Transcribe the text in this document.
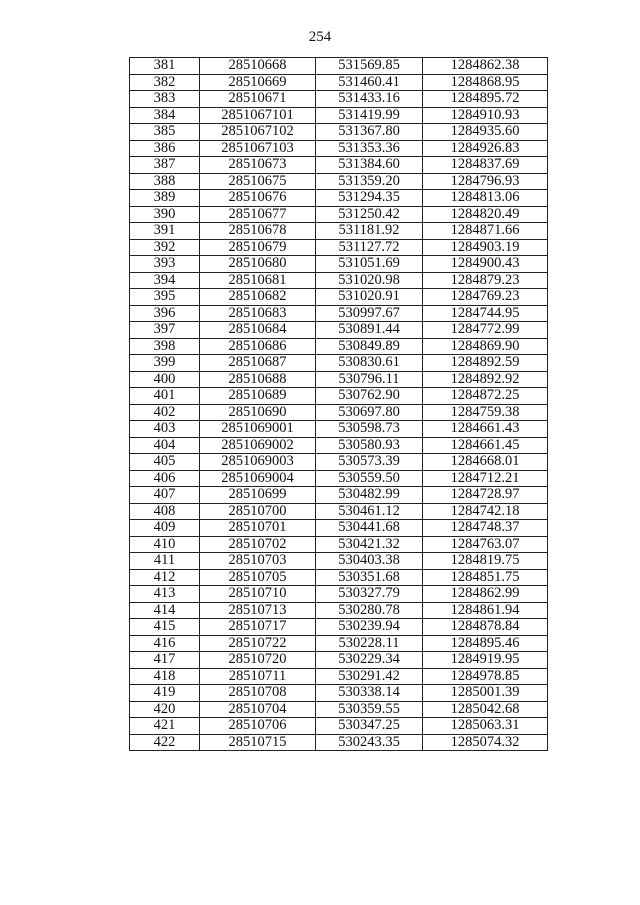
254
381	28510668	531569.85	1284862.38
382	28510669	531460.41	1284868.95
383	28510671	531433.16	1284895.72
384	2851067101	531419.99	1284910.93
385	2851067102	531367.80	1284935.60
386	2851067103	531353.36	1284926.83
387	28510673	531384.60	1284837.69
388	28510675	531359.20	1284796.93
389	28510676	531294.35	1284813.06
390	28510677	531250.42	1284820.49
391	28510678	531181.92	1284871.66
392	28510679	531127.72	1284903.19
393	28510680	531051.69	1284900.43
394	28510681	531020.98	1284879.23
395	28510682	531020.91	1284769.23
396	28510683	530997.67	1284744.95
397	28510684	530891.44	1284772.99
398	28510686	530849.89	1284869.90
399	28510687	530830.61	1284892.59
400	28510688	530796.11	1284892.92
401	28510689	530762.90	1284872.25
402	28510690	530697.80	1284759.38
403	2851069001	530598.73	1284661.43
404	2851069002	530580.93	1284661.45
405	2851069003	530573.39	1284668.01
406	2851069004	530559.50	1284712.21
407	28510699	530482.99	1284728.97
408	28510700	530461.12	1284742.18
409	28510701	530441.68	1284748.37
410	28510702	530421.32	1284763.07
411	28510703	530403.38	1284819.75
412	28510705	530351.68	1284851.75
413	28510710	530327.79	1284862.99
414	28510713	530280.78	1284861.94
415	28510717	530239.94	1284878.84
416	28510722	530228.11	1284895.46
417	28510720	530229.34	1284919.95
418	28510711	530291.42	1284978.85
419	28510708	530338.14	1285001.39
420	28510704	530359.55	1285042.68
421	28510706	530347.25	1285063.31
422	28510715	530243.35	1285074.32
